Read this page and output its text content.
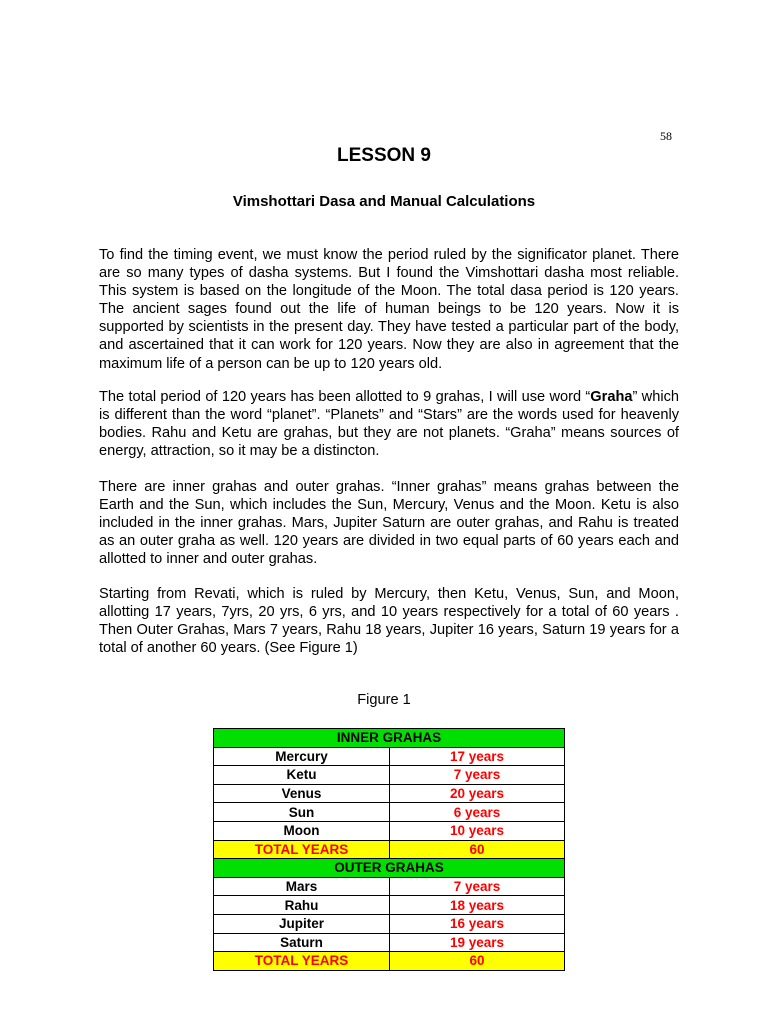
58
LESSON 9
Vimshottari Dasa and Manual Calculations
To find the timing event, we must know the period ruled by the significator planet. There are so many types of dasha systems. But I found the Vimshottari dasha most reliable. This system is based on the longitude of the Moon. The total dasa period is 120 years. The ancient sages found out the life of human beings to be 120 years. Now it is supported by scientists in the present day. They have tested a particular part of the body, and ascertained that it can work for 120 years. Now they are also in agreement that the maximum life of a person can be up to 120 years old.
The total period of 120 years has been allotted to 9 grahas, I will use word “Graha” which is different than the word “planet”. “Planets” and “Stars” are the words used for heavenly bodies. Rahu and Ketu are grahas, but they are not planets. “Graha” means sources of energy, attraction, so it may be a distincton.
There are inner grahas and outer grahas. “Inner grahas” means grahas between the Earth and the Sun, which includes the Sun, Mercury, Venus and the Moon. Ketu is also included in the inner grahas. Mars, Jupiter Saturn are outer grahas, and Rahu is treated as an outer graha as well. 120 years are divided in two equal parts of 60 years each and allotted to inner and outer grahas.
Starting from Revati, which is ruled by Mercury, then Ketu, Venus, Sun, and Moon, allotting 17 years, 7yrs, 20 yrs, 6 yrs, and 10 years respectively for a total of 60 years . Then Outer Grahas, Mars 7 years, Rahu 18 years, Jupiter 16 years, Saturn 19 years for a total of another 60 years. (See Figure 1)
Figure 1
INNER GRAHAS	
Mercury	17 years
Ketu	7 years
Venus	20 years
Sun	6 years
Moon	10 years
TOTAL YEARS	60
OUTER GRAHAS	
Mars	7 years
Rahu	18 years
Jupiter	16 years
Saturn	19 years
TOTAL YEARS	60
